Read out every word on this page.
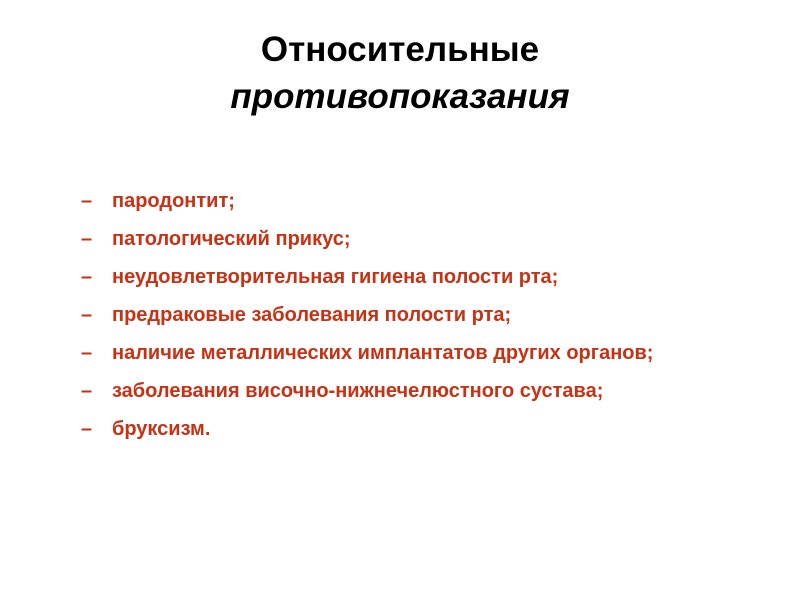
Относительные
противопоказания
– пародонтит;
– патологический прикус;
– неудовлетворительная гигиена полости рта;
– предраковые заболевания полости рта;
– наличие металлических имплантатов других органов;
– заболевания височно-нижнечелюстного сустава;
– бруксизм.
